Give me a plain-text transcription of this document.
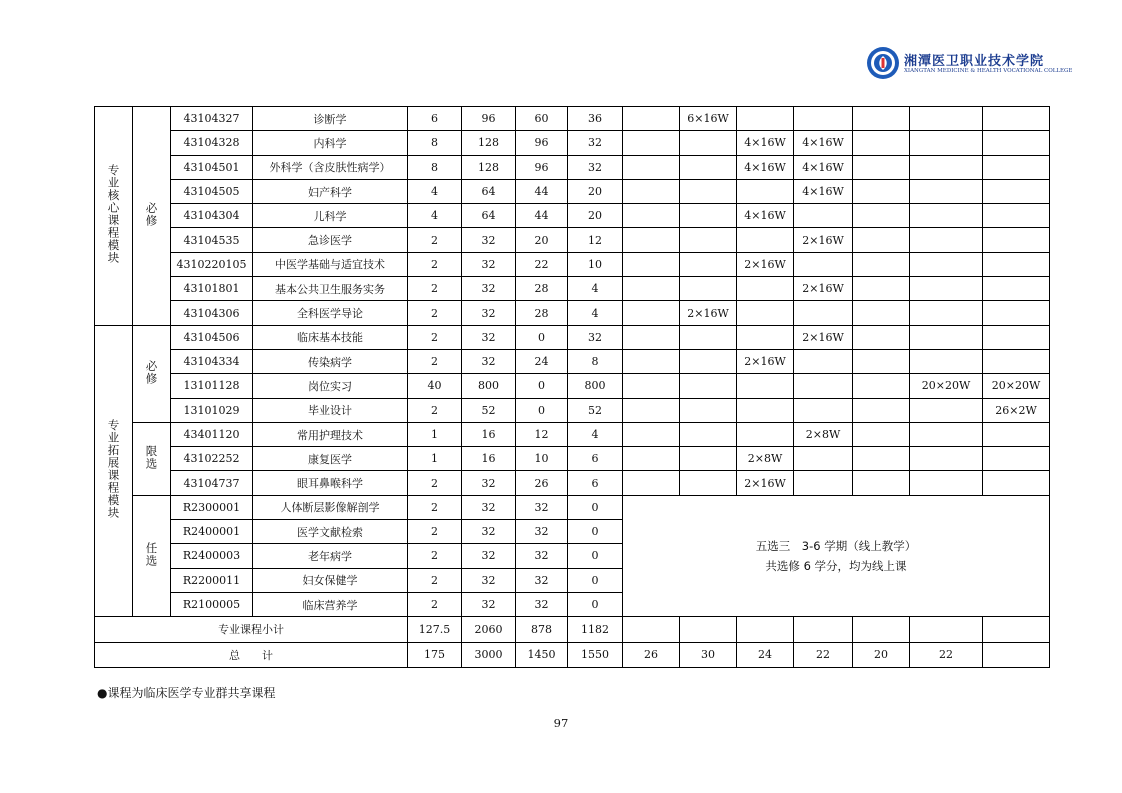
湘潭医卫职业技术学院
XIANGTAN MEDICINE & HEALTH VOCATIONAL COLLEGE
专业核心课程模块	必修	43104327	诊断学	6	96	60	36		6×16W						
		43104328	内科学	8	128	96	32			4×16W	4×16W				
		43104501	外科学（含皮肤性病学）	8	128	96	32			4×16W	4×16W				
		43104505	妇产科学	4	64	44	20				4×16W				
		43104304	儿科学	4	64	44	20			4×16W					
		43104535	急诊医学	2	32	20	12				2×16W				
		4310220105	中医学基础与适宜技术	2	32	22	10			2×16W					
		43101801	基本公共卫生服务实务	2	32	28	4				2×16W				
		43104306	全科医学导论	2	32	28	4		2×16W						
专业拓展课程模块	必修	43104506	临床基本技能	2	32	0	32				2×16W				
		43104334	传染病学	2	32	24	8			2×16W					
		13101128	岗位实习	40	800	0	800						20×20W	20×20W	
		13101029	毕业设计	2	52	0	52							26×2W	
	限选	43401120	常用护理技术	1	16	12	4				2×8W				
		43102252	康复医学	1	16	10	6			2×8W					
		43104737	眼耳鼻喉科学	2	32	26	6			2×16W					
	任选	R2300001	人体断层影像解剖学	2	32	32	0	五选三　3-6 学期（线上教学）
共选修 6 学分，均为线上课

		R2400001	医学文献检索	2	32	32	0	
		R2400003	老年病学	2	32	32	0	
		R2200011	妇女保健学	2	32	32	0	
		R2100005	临床营养学	2	32	32	0	
专业课程小计				127.5	2060	878	1182								
总　　计				175	3000	1450	1550	26	30	24	22	20	22		
●课程为临床医学专业群共享课程
97
